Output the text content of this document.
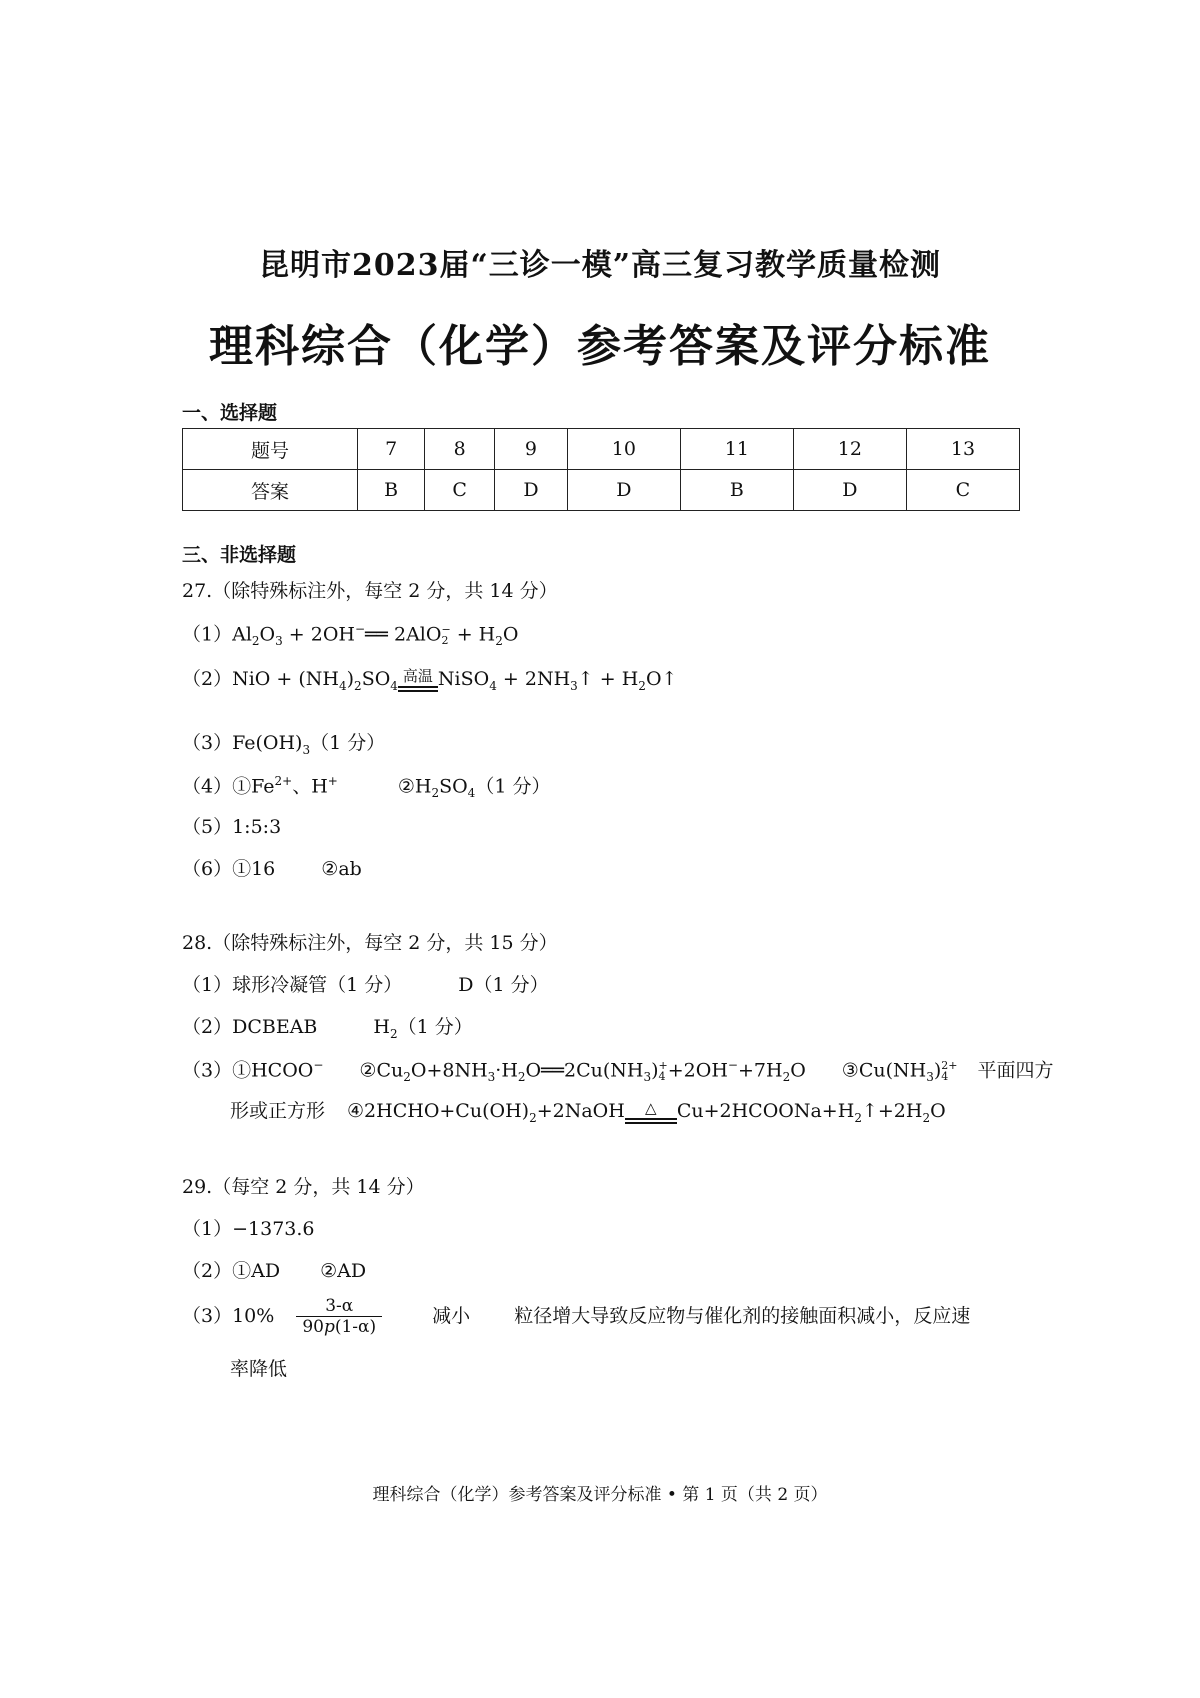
昆明市2023届“三诊一模”高三复习教学质量检测
理科综合（化学）参考答案及评分标准
一、选择题
题号	7	8	9	10	11	12	13
答案	B	C	D	D	B	D	C
三、非选择题
27.（除特殊标注外，每空 2 分，共 14 分）
$(1)Al_2O_3$ + 2OH−══ 2AlO −
$2 + H_2O$
$(2)NiO + (NH_4)_2SO_4$
高温 NiSO$_4$ + $2NH_3↑$ + $H_2O↑$
$(3)Fe(OH)_3(1$ 分）
$(4)①Fe^{2+}$、H+	$②H_2SO_4(1$ 分）
（5）1:5:3
（6）①16 ②ab
28.（除特殊标注外，每空 2 分，共 15 分）
（1）球形冷凝管（1 分）	D（1 分）
（2）DCBEAB	$H_2(1$ 分）
（3）①HCOO− $②Cu_2O+8NH_3\cdot H_2O══2Cu(NH_3)$ +
$4 +2OH^-+7H_2O$ $③Cu(NH_3)$ 2+
4	平面四方
形或正方形 $④2HCHO+Cu(OH)_2+2NaOH$	△	$Cu+2HCOONa+H_2↑+2H_2O$
29.（每空 2 分，共 14 分）
（1）−1373.6
（2）①AD ②AD
$(3)10\% \frac{3-\alpha}{90p(1-\alpha)}$	减小 粒径增大导致反应物与催化剂的接触面积减小，反应速
率降低
理科综合（化学）参考答案及评分标准 • 第 1 页（共 2 页）
